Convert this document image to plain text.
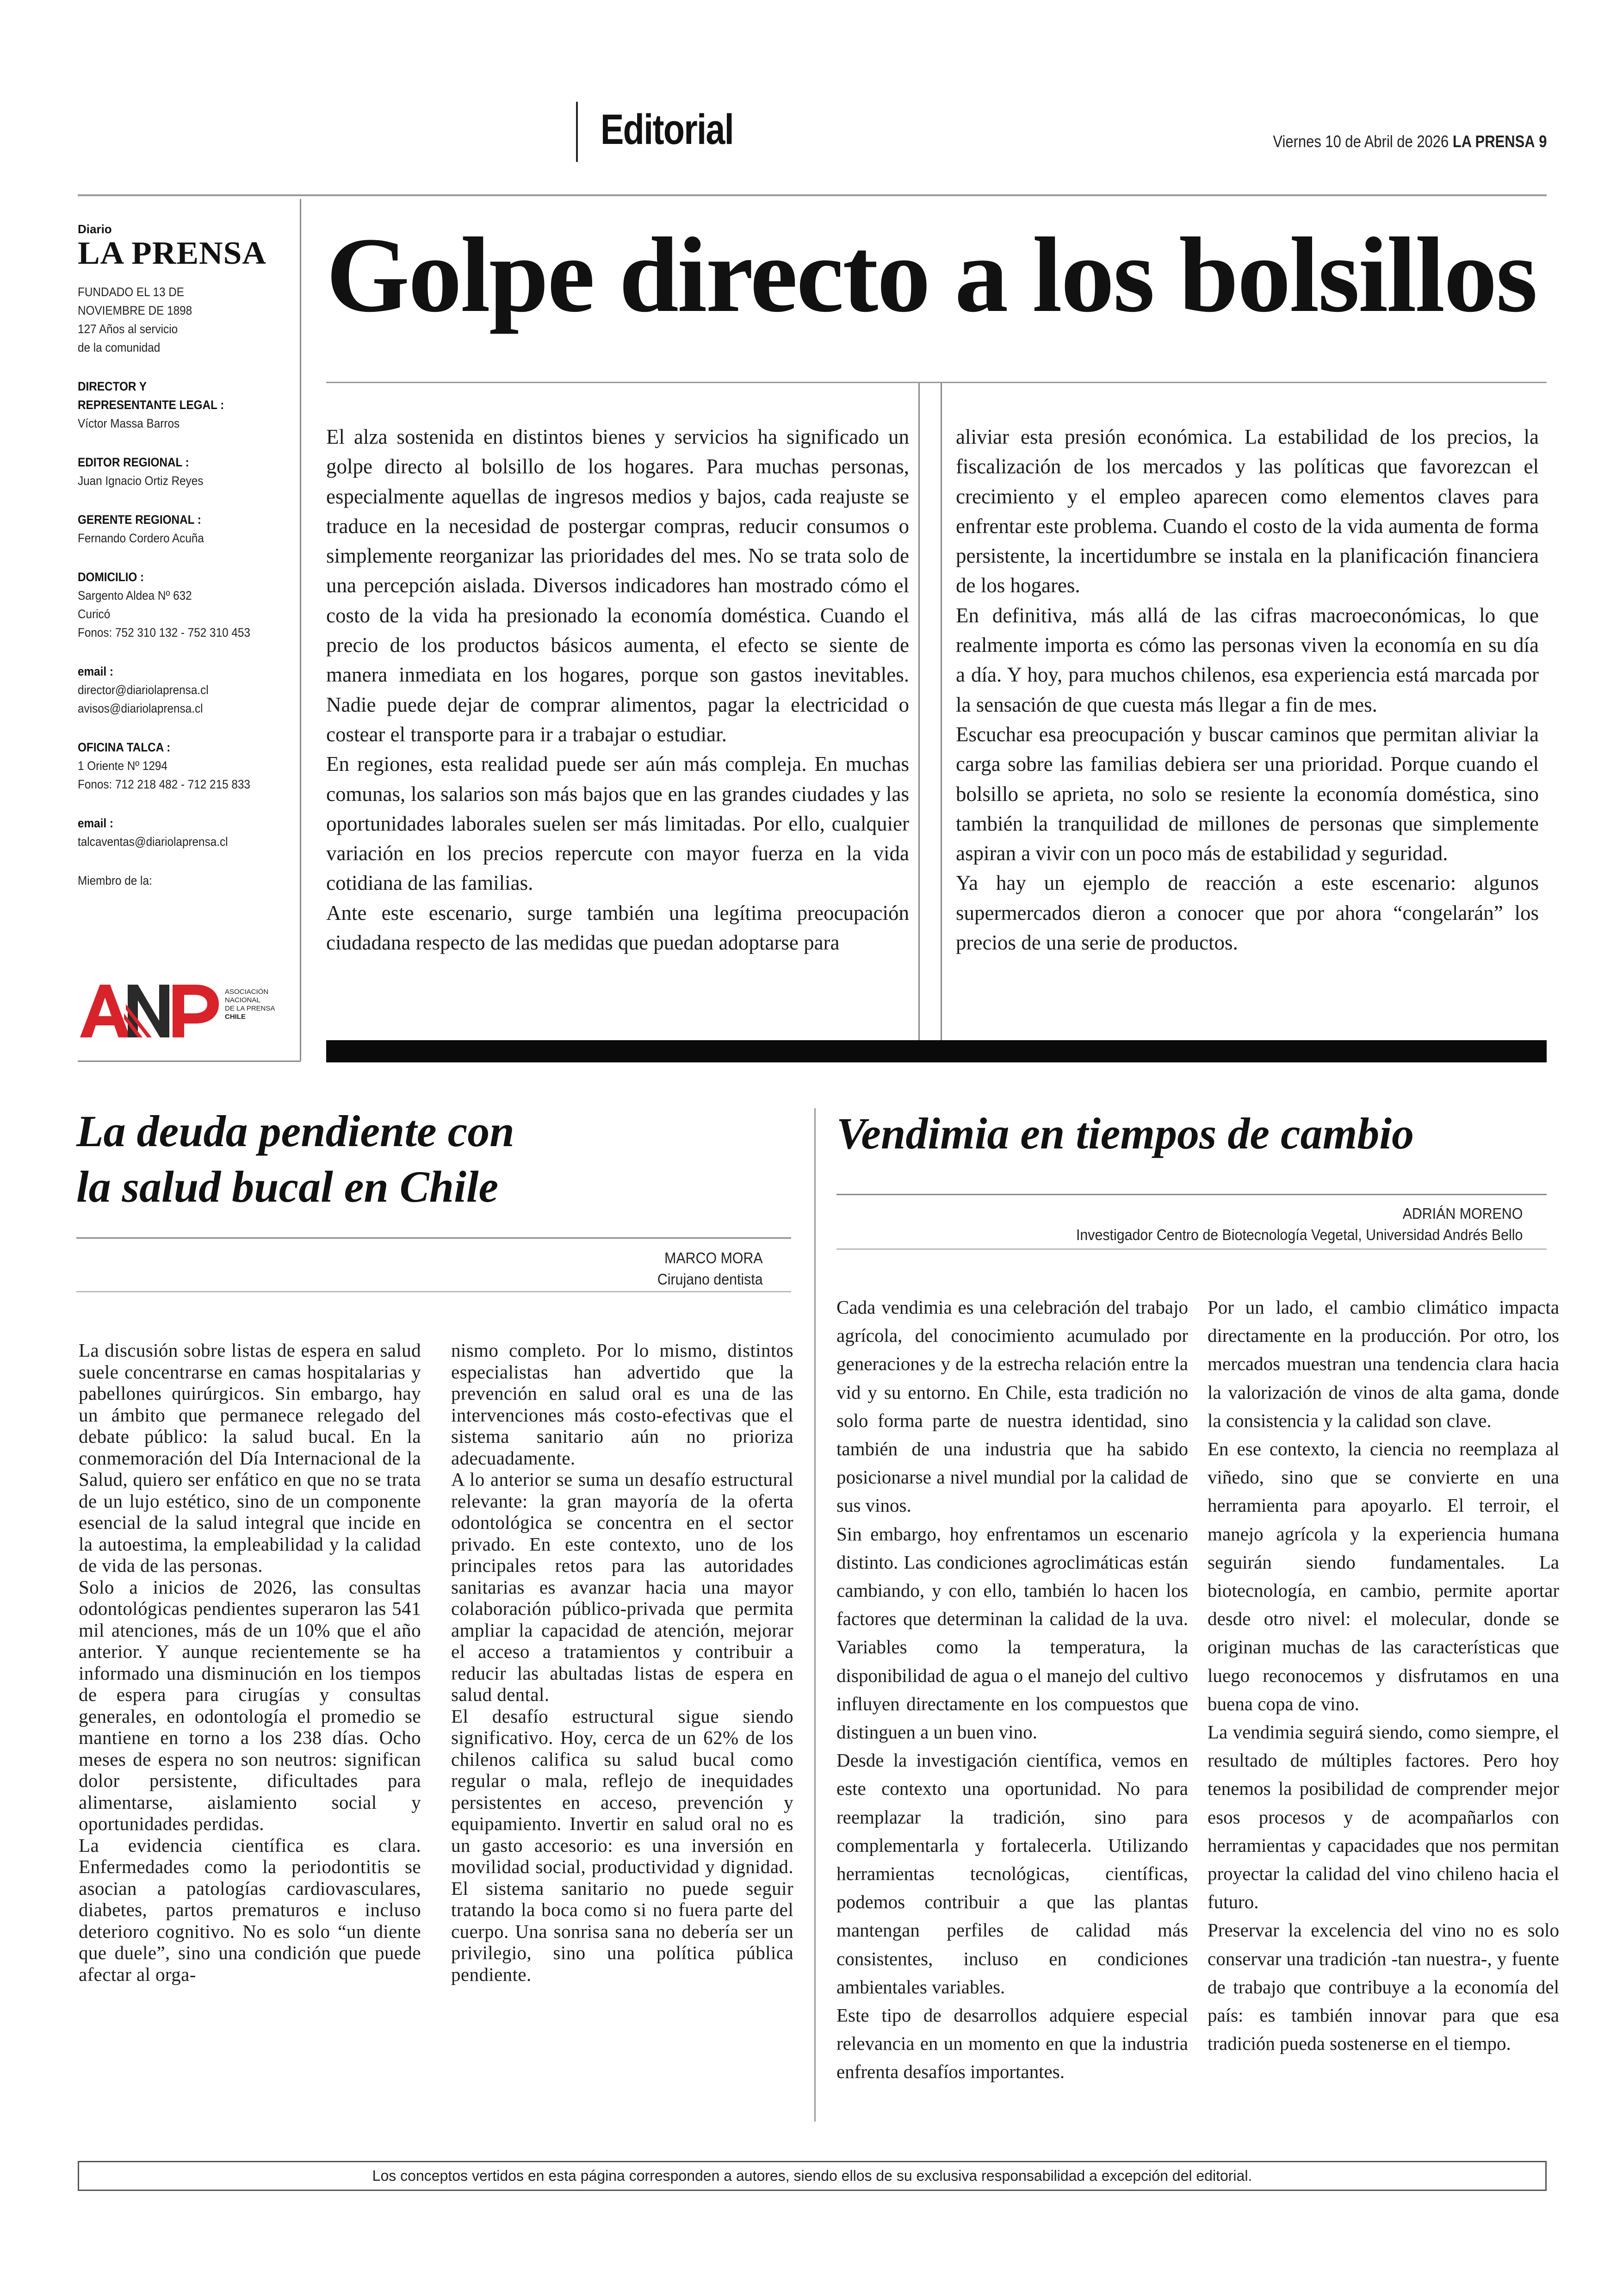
Editorial	Viernes 10 de Abril de 2026 LA PRENSA 9
Diario
LA PRENSA
FUNDADO EL 13 DE
NOVIEMBRE DE 1898
127 Años al servicio
de la comunidad
DIRECTOR Y
REPRESENTANTE LEGAL :
Víctor Massa Barros
EDITOR REGIONAL :
Juan Ignacio Ortiz Reyes
GERENTE REGIONAL :
Fernando Cordero Acuña
DOMICILIO :
Sargento Aldea Nº 632
Curicó
Fonos: 752 310 132 - 752 310 453
email :
director@diariolaprensa.cl
avisos@diariolaprensa.cl
OFICINA TALCA :
1 Oriente Nº 1294
Fonos: 712 218 482 - 712 215 833
email :
talcaventas@diariolaprensa.cl
Miembro de la:
ASOCIACIÓN
NACIONAL
DE LA PRENSA
CHILE
Golpe directo a los bolsillos

El alza sostenida en distintos bienes y servicios ha significado un golpe directo al bolsillo de los hogares. Para muchas personas, especialmente aquellas de ingresos medios y bajos, cada reajuste se traduce en la necesidad de postergar compras, reducir consumos o simplemente reorganizar las prioridades del mes. No se trata solo de una percepción aislada. Diversos indicadores han mostrado cómo el costo de la vida ha presionado la economía doméstica. Cuando el precio de los productos básicos aumenta, el efecto se siente de manera inmediata en los hogares, porque son gastos inevitables. Nadie puede dejar de comprar alimentos, pagar la electricidad o costear el transporte para ir a trabajar o estudiar.

En regiones, esta realidad puede ser aún más compleja. En muchas comunas, los salarios son más bajos que en las grandes ciudades y las oportunidades laborales suelen ser más limitadas. Por ello, cualquier variación en los precios repercute con mayor fuerza en la vida cotidiana de las familias.

Ante este escenario, surge también una legítima preocupación ciudadana respecto de las medidas que puedan adoptarse para

aliviar esta presión económica. La estabilidad de los precios, la fiscalización de los mercados y las políticas que favorezcan el crecimiento y el empleo aparecen como elementos claves para enfrentar este problema. Cuando el costo de la vida aumenta de forma persistente, la incertidumbre se instala en la planificación financiera de los hogares.

En definitiva, más allá de las cifras macroeconómicas, lo que realmente importa es cómo las personas viven la economía en su día a día. Y hoy, para muchos chilenos, esa experiencia está marcada por la sensación de que cuesta más llegar a fin de mes.

Escuchar esa preocupación y buscar caminos que permitan aliviar la carga sobre las familias debiera ser una prioridad. Porque cuando el bolsillo se aprieta, no solo se resiente la economía doméstica, sino también la tranquilidad de millones de personas que simplemente aspiran a vivir con un poco más de estabilidad y seguridad.

Ya hay un ejemplo de reacción a este escenario: algunos supermercados dieron a conocer que por ahora “congelarán” los precios de una serie de productos.

La deuda pendiente con
la salud bucal en Chile
MARCO MORA
Cirujano dentista

La discusión sobre listas de espera en salud suele concentrarse en camas hospitalarias y pabellones quirúrgicos. Sin embargo, hay un ámbito que permanece relegado del debate público: la salud bucal. En la conmemoración del Día Internacional de la Salud, quiero ser enfático en que no se trata de un lujo estético, sino de un componente esencial de la salud integral que incide en la autoestima, la empleabilidad y la calidad de vida de las personas.

Solo a inicios de 2026, las consultas odontológicas pendientes superaron las 541 mil atenciones, más de un 10% que el año anterior. Y aunque recientemente se ha informado una disminución en los tiempos de espera para cirugías y consultas generales, en odontología el promedio se mantiene en torno a los 238 días. Ocho meses de espera no son neutros: significan dolor persistente, dificultades para alimentarse, aislamiento social y oportunidades perdidas.

La evidencia científica es clara. Enfermedades como la periodontitis se asocian a patologías cardiovasculares, diabetes, partos prematuros e incluso deterioro cognitivo. No es solo “un diente que duele”, sino una condición que puede afectar al orga-

nismo completo. Por lo mismo, distintos especialistas han advertido que la prevención en salud oral es una de las intervenciones más costo-efectivas que el sistema sanitario aún no prioriza adecuadamente.

A lo anterior se suma un desafío estructural relevante: la gran mayoría de la oferta odontológica se concentra en el sector privado. En este contexto, uno de los principales retos para las autoridades sanitarias es avanzar hacia una mayor colaboración público-privada que permita ampliar la capacidad de atención, mejorar el acceso a tratamientos y contribuir a reducir las abultadas listas de espera en salud dental.

El desafío estructural sigue siendo significativo. Hoy, cerca de un 62% de los chilenos califica su salud bucal como regular o mala, reflejo de inequidades persistentes en acceso, prevención y equipamiento. Invertir en salud oral no es un gasto accesorio: es una inversión en movilidad social, productividad y dignidad. El sistema sanitario no puede seguir tratando la boca como si no fuera parte del cuerpo. Una sonrisa sana no debería ser un privilegio, sino una política pública pendiente.

Vendimia en tiempos de cambio
ADRIÁN MORENO
Investigador Centro de Biotecnología Vegetal, Universidad Andrés Bello

Cada vendimia es una celebración del trabajo agrícola, del conocimiento acumulado por generaciones y de la estrecha relación entre la vid y su entorno. En Chile, esta tradición no solo forma parte de nuestra identidad, sino también de una industria que ha sabido posicionarse a nivel mundial por la calidad de sus vinos.

Sin embargo, hoy enfrentamos un escenario distinto. Las condiciones agroclimáticas están cambiando, y con ello, también lo hacen los factores que determinan la calidad de la uva. Variables como la temperatura, la disponibilidad de agua o el manejo del cultivo influyen directamente en los compuestos que distinguen a un buen vino.

Desde la investigación científica, vemos en este contexto una oportunidad. No para reemplazar la tradición, sino para complementarla y fortalecerla. Utilizando herramientas tecnológicas, científicas, podemos contribuir a que las plantas mantengan perfiles de calidad más consistentes, incluso en condiciones ambientales variables.

Este tipo de desarrollos adquiere especial relevancia en un momento en que la industria enfrenta desafíos importantes.

Por un lado, el cambio climático impacta directamente en la producción. Por otro, los mercados muestran una tendencia clara hacia la valorización de vinos de alta gama, donde la consistencia y la calidad son clave.

En ese contexto, la ciencia no reemplaza al viñedo, sino que se convierte en una herramienta para apoyarlo. El terroir, el manejo agrícola y la experiencia humana seguirán siendo fundamentales. La biotecnología, en cambio, permite aportar desde otro nivel: el molecular, donde se originan muchas de las características que luego reconocemos y disfrutamos en una buena copa de vino.

La vendimia seguirá siendo, como siempre, el resultado de múltiples factores. Pero hoy tenemos la posibilidad de comprender mejor esos procesos y de acompañarlos con herramientas y capacidades que nos permitan proyectar la calidad del vino chileno hacia el futuro.

Preservar la excelencia del vino no es solo conservar una tradición -tan nuestra-, y fuente de trabajo que contribuye a la economía del país: es también innovar para que esa tradición pueda sostenerse en el tiempo.

Los conceptos vertidos en esta página corresponden a autores, siendo ellos de su exclusiva responsabilidad a excepción del editorial.
